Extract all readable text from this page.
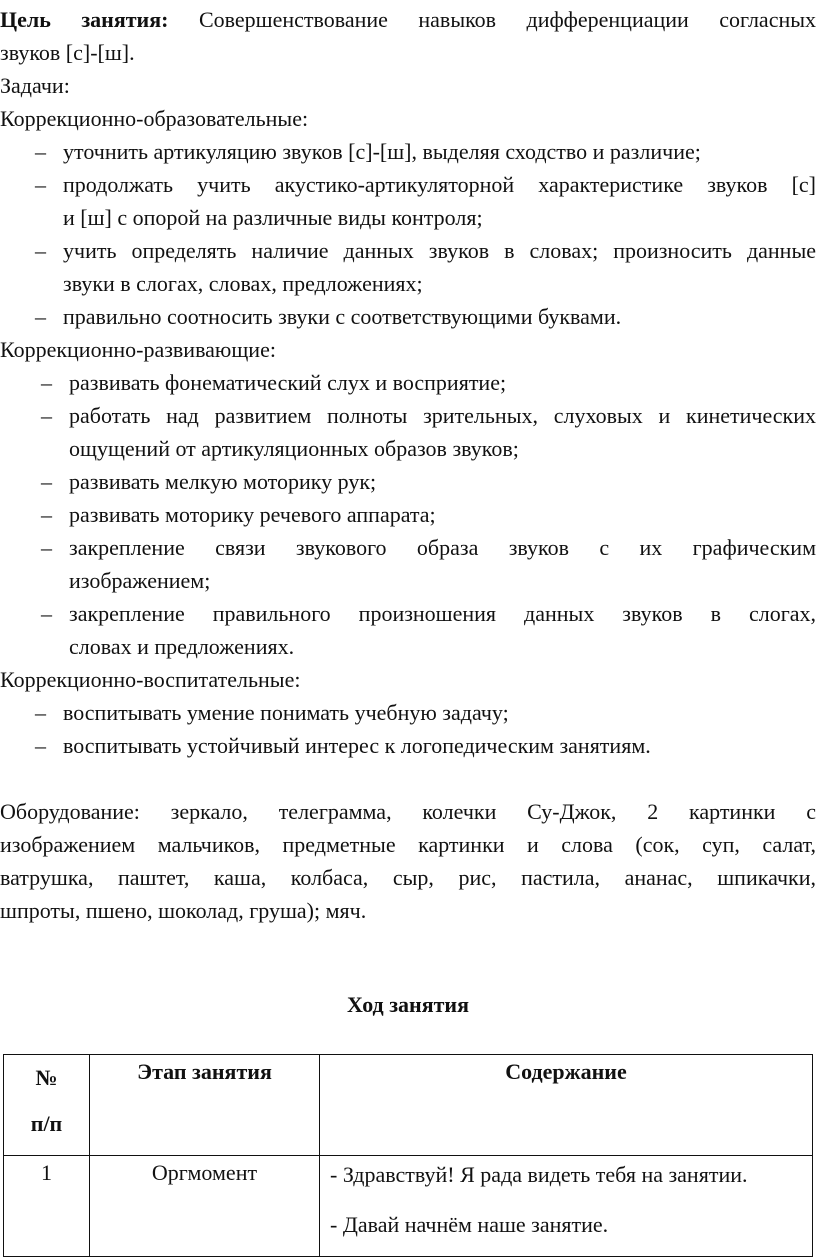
Цель занятия: Совершенствование навыков дифференциации согласных
звуков [с]-[ш].
Задачи:
Коррекционно-образовательные:
– уточнить артикуляцию звуков [с]-[ш], выделяя сходство и различие;
– продолжать учить акустико-артикуляторной характеристике звуков [с]
и [ш] с опорой на различные виды контроля;
– учить определять наличие данных звуков в словах; произносить данные
звуки в слогах, словах, предложениях;
– правильно соотносить звуки с соответствующими буквами.
Коррекционно-развивающие:
– развивать фонематический слух и восприятие;
– работать над развитием полноты зрительных, слуховых и кинетических
ощущений от артикуляционных образов звуков;
– развивать мелкую моторику рук;
– развивать моторику речевого аппарата;
– закрепление связи звукового образа звуков с их графическим
изображением;
– закрепление правильного произношения данных звуков в слогах,
словах и предложениях.
Коррекционно-воспитательные:
– воспитывать умение понимать учебную задачу;
– воспитывать устойчивый интерес к логопедическим занятиям.
Оборудование: зеркало, телеграмма, колечки Су-Джок, 2 картинки с
изображением мальчиков, предметные картинки и слова (сок, суп, салат,
ватрушка, паштет, каша, колбаса, сыр, рис, пастила, ананас, шпикачки,
шпроты, пшено, шоколад, груша); мяч.
Ход занятия
№
п/п	Этап занятия	Содержание
1	Оргмомент	- Здравствуй! Я рада видеть тебя на занятии.

- Давай начнём наше занятие.
